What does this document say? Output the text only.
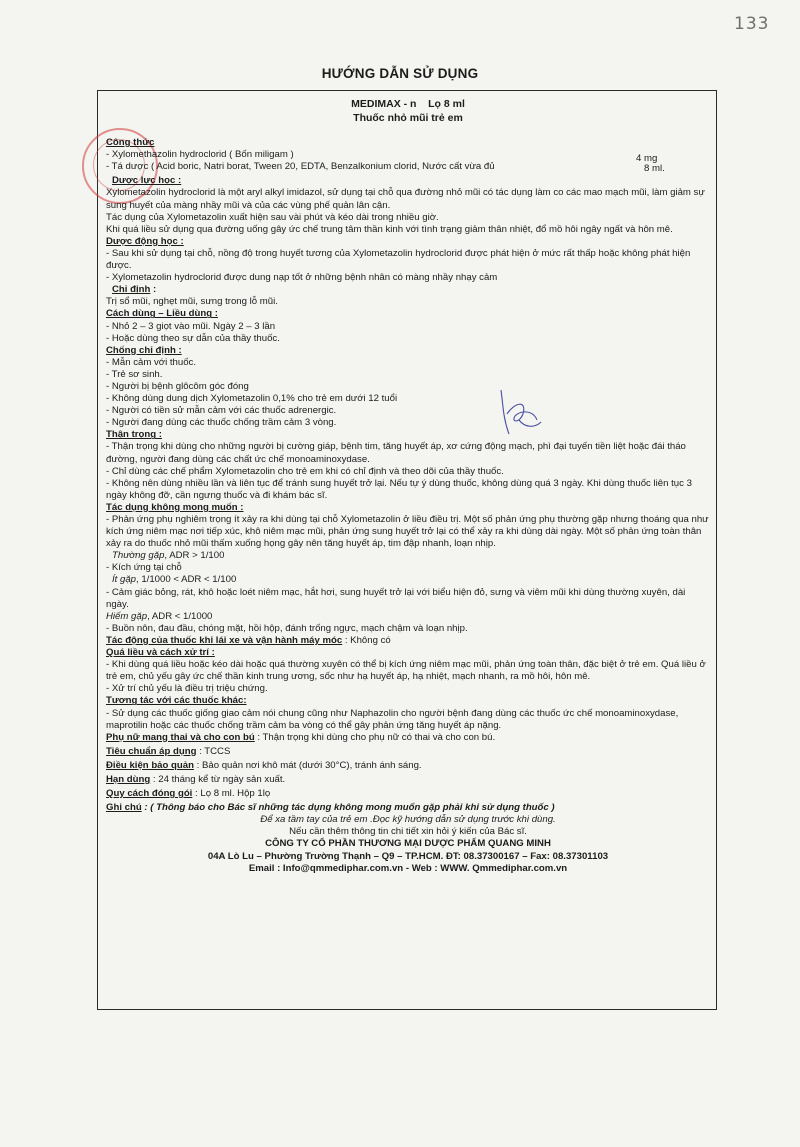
133
HƯỚNG DẪN SỬ DỤNG
MEDIMAX - n Lọ 8 ml
Thuốc nhỏ mũi trẻ em
Công thức
- Xylomethazolin hydroclorid ( Bốn miligam )
- Tá dược ( Acid boric, Natri borat, Tween 20, EDTA, Benzalkonium clorid, Nước cất vừa đủ
4 mg
8 ml.
Dược lực học :
Xylometazolin hydroclorid là một aryl alkyl imidazol, sử dụng tại chỗ qua đường nhỏ mũi có tác dụng làm co các mao mạch mũi, làm giảm sự sung huyết của màng nhầy mũi và của các vùng phế quản lân cận.
Tác dụng của Xylometazolin xuất hiện sau vài phút và kéo dài trong nhiều giờ.
Khi quá liều sử dụng qua đường uống gây ức chế trung tâm thần kinh với tình trạng giảm thân nhiệt, đổ mồ hôi ngây ngất và hôn mê.
Dược động học :
- Sau khi sử dụng tại chỗ, nồng độ trong huyết tương của Xylometazolin hydroclorid được phát hiện ở mức rất thấp hoặc không phát hiện được.
- Xylometazolin hydroclorid được dung nạp tốt ở những bệnh nhân có màng nhầy nhạy cảm
Chỉ định :
Trị sổ mũi, nghẹt mũi, sưng trong lỗ mũi.
Cách dùng – Liều dùng :
- Nhỏ 2 – 3 giọt vào mũi. Ngày 2 – 3 lần
- Hoặc dùng theo sự dẫn của thầy thuốc.
Chống chỉ định :
- Mẫn cảm với thuốc.
- Trẻ sơ sinh.
- Người bị bệnh glôcôm góc đóng
- Không dùng dung dịch Xylometazolin 0,1% cho trẻ em dưới 12 tuổi
- Người có tiền sử mẫn cảm với các thuốc adrenergic.
- Người đang dùng các thuốc chống trầm cảm 3 vòng.
Thận trọng :
- Thận trọng khi dùng cho những người bị cường giáp, bệnh tim, tăng huyết áp, xơ cứng động mạch, phì đại tuyến tiền liệt hoặc đái tháo đường, người đang dùng các chất ức chế monoaminoxydase.
- Chỉ dùng các chế phẩm Xylometazolin cho trẻ em khi có chỉ định và theo dõi của thầy thuốc.
- Không nên dùng nhiều lần và liên tục để tránh sung huyết trở lại. Nếu tự ý dùng thuốc, không dùng quá 3 ngày. Khi dùng thuốc liên tục 3 ngày không đỡ, cần ngưng thuốc và đi khám bác sĩ.
Tác dụng không mong muốn :
- Phản ứng phụ nghiêm trọng ít xảy ra khi dùng tại chỗ Xylometazolin ở liều điều trị. Một số phản ứng phụ thường gặp nhưng thoáng qua như kích ứng niêm mạc nơi tiếp xúc, khô niêm mạc mũi, phản ứng sung huyết trở lại có thể xảy ra khi dùng dài ngày. Một số phản ứng toàn thân xảy ra do thuốc nhỏ mũi thấm xuống họng gây nên tăng huyết áp, tim đập nhanh, loạn nhịp.
Thường gặp, ADR > 1/100
- Kích ứng tại chỗ
Ít gặp, 1/1000 < ADR < 1/100
- Cảm giác bỏng, rát, khô hoặc loét niêm mạc, hắt hơi, sung huyết trở lại với biểu hiện đỏ, sưng và viêm mũi khi dùng thường xuyên, dài ngày.
Hiếm gặp, ADR < 1/1000
- Buồn nôn, đau đầu, chóng mặt, hồi hộp, đánh trống ngực, mạch chậm và loạn nhịp.
Tác động của thuốc khi lái xe và vận hành máy móc : Không có
Quá liều và cách xử trí :
- Khi dùng quá liều hoặc kéo dài hoặc quá thường xuyên có thể bị kích ứng niêm mạc mũi, phản ứng toàn thân, đặc biệt ở trẻ em. Quá liều ở trẻ em, chủ yếu gây ức chế thần kinh trung ương, sốc như hạ huyết áp, hạ nhiệt, mạch nhanh, ra mồ hôi, hôn mê.
- Xử trí chủ yếu là điều trị triệu chứng.
Tương tác với các thuốc khác:
- Sử dụng các thuốc giống giao cảm nói chung cũng như Naphazolin cho người bệnh đang dùng các thuốc ức chế monoaminoxydase, maprotilin hoặc các thuốc chống trầm cảm ba vòng có thể gây phản ứng tăng huyết áp nặng.
Phụ nữ mang thai và cho con bú : Thận trọng khi dùng cho phụ nữ có thai và cho con bú.
Tiêu chuẩn áp dụng : TCCS
Điều kiện bảo quản : Bảo quản nơi khô mát (dưới 30°C), tránh ánh sáng.
Hạn dùng : 24 tháng kể từ ngày sản xuất.
Quy cách đóng gói : Lọ 8 ml. Hộp 1lọ
Ghi chú : ( Thông báo cho Bác sĩ những tác dụng không mong muốn gặp phải khi sử dụng thuốc )
Để xa tầm tay của trẻ em .Đọc kỹ hướng dẫn sử dụng trước khi dùng.
Nếu cần thêm thông tin chi tiết xin hỏi ý kiến của Bác sĩ.
CÔNG TY CỔ PHẦN THƯƠNG MẠI DƯỢC PHẨM QUANG MINH
04A Lò Lu – Phường Trường Thạnh – Q9 – TP.HCM. ĐT: 08.37300167 – Fax: 08.37301103
Email : Info@qmmediphar.com.vn - Web : WWW. Qmmediphar.com.vn
